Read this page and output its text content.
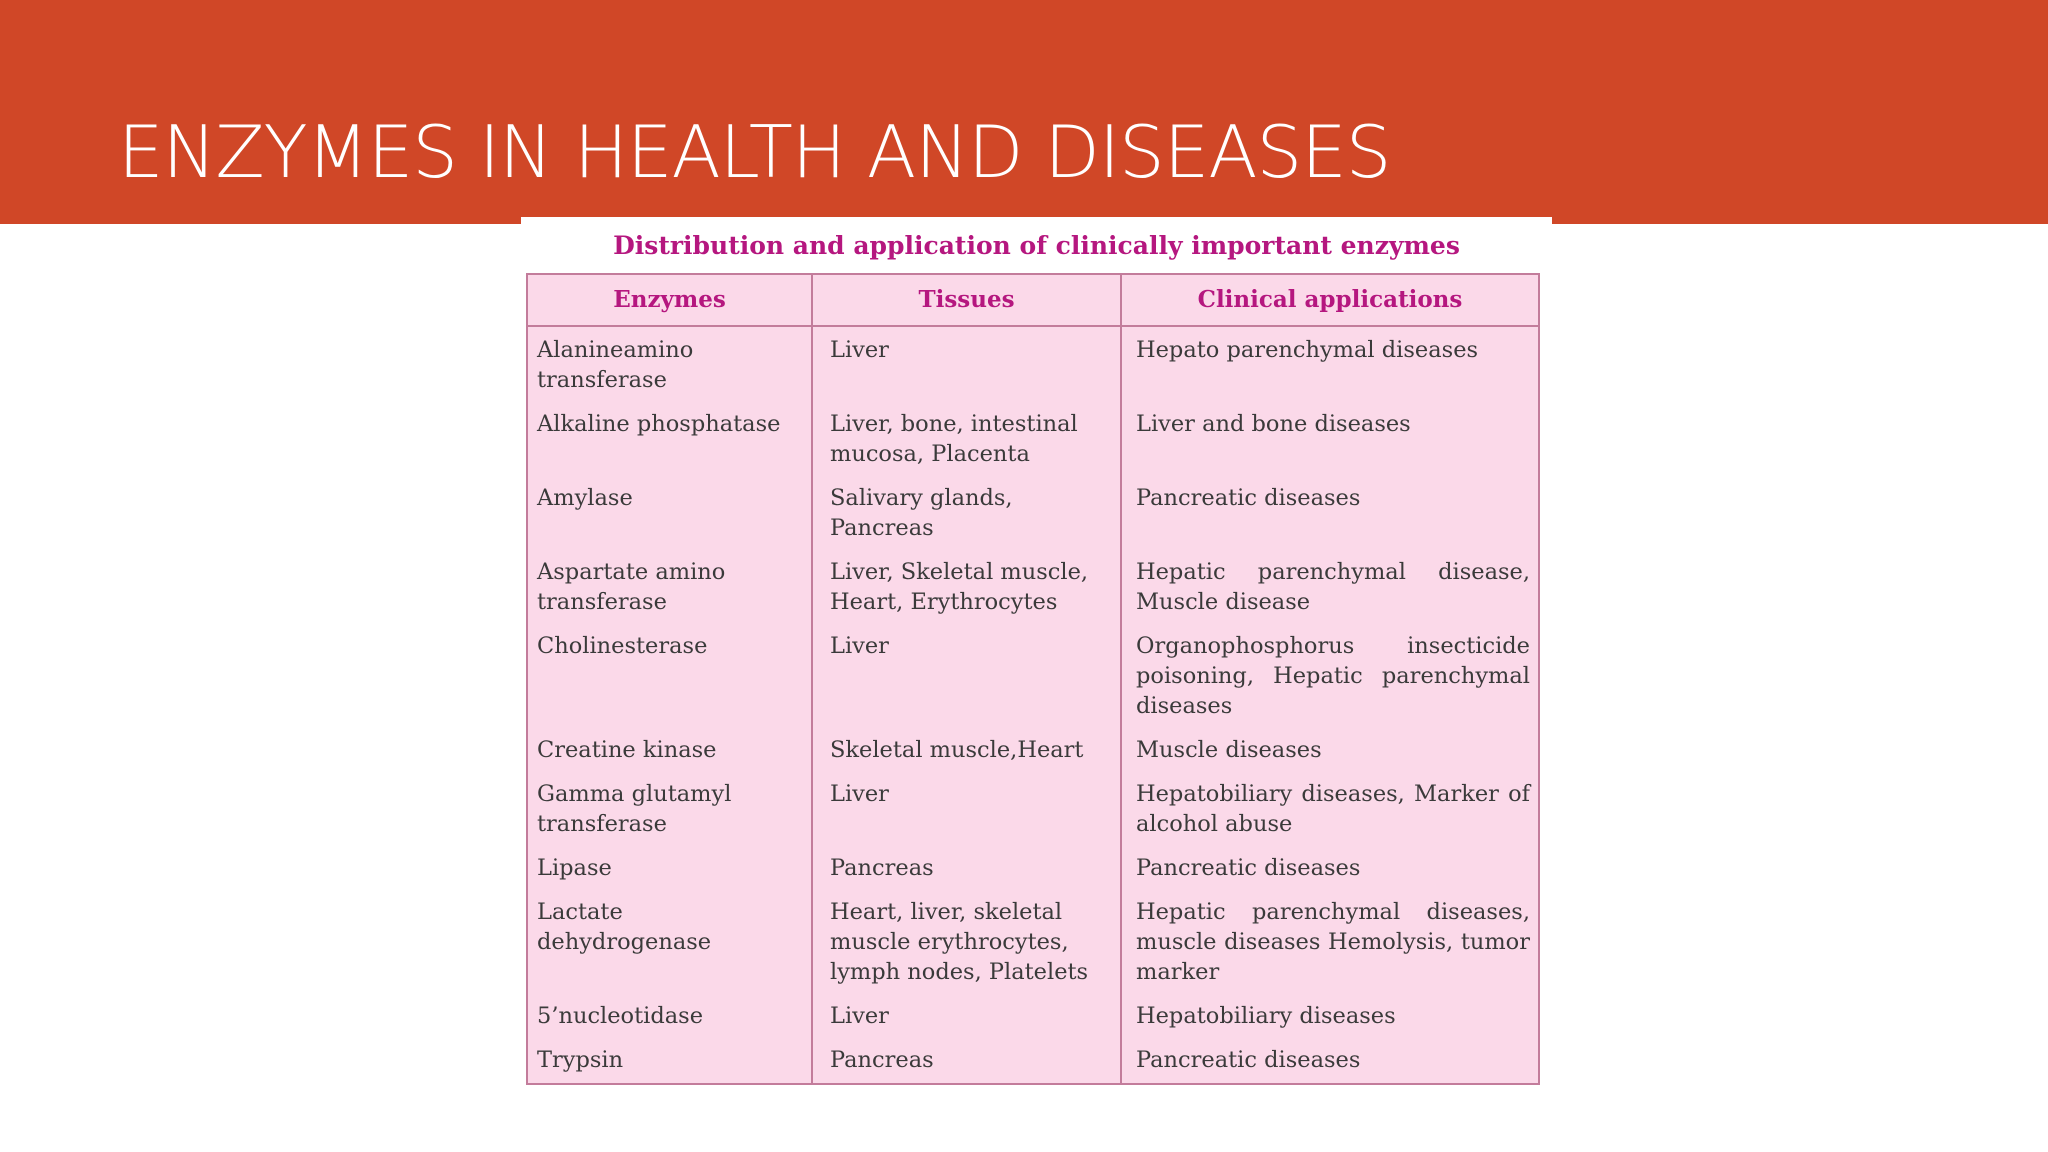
ENZYMES IN HEALTH AND DISEASES
Distribution and application of clinically important enzymes
Enzymes	Tissues	Clinical applications
Alanineamino transferase	Liver	Hepato parenchymal diseases
Alkaline phosphatase	Liver, bone, intestinal mucosa, Placenta	Liver and bone diseases
Amylase	Salivary glands, Pancreas	Pancreatic diseases
Aspartate amino transferase	Liver, Skeletal muscle, Heart, Erythrocytes	Hepatic parenchymal disease, Muscle disease
Cholinesterase	Liver	Organophosphorus insecticide poisoning, Hepatic parenchymal diseases
Creatine kinase	Skeletal muscle,Heart	Muscle diseases
Gamma glutamyl transferase	Liver	Hepatobiliary diseases, Marker of alcohol abuse
Lipase	Pancreas	Pancreatic diseases
Lactate dehydrogenase	Heart, liver, skeletal muscle erythrocytes, lymph nodes, Platelets	Hepatic parenchymal diseases, muscle diseases Hemolysis, tumor marker
5’nucleotidase	Liver	Hepatobiliary diseases
Trypsin	Pancreas	Pancreatic diseases
